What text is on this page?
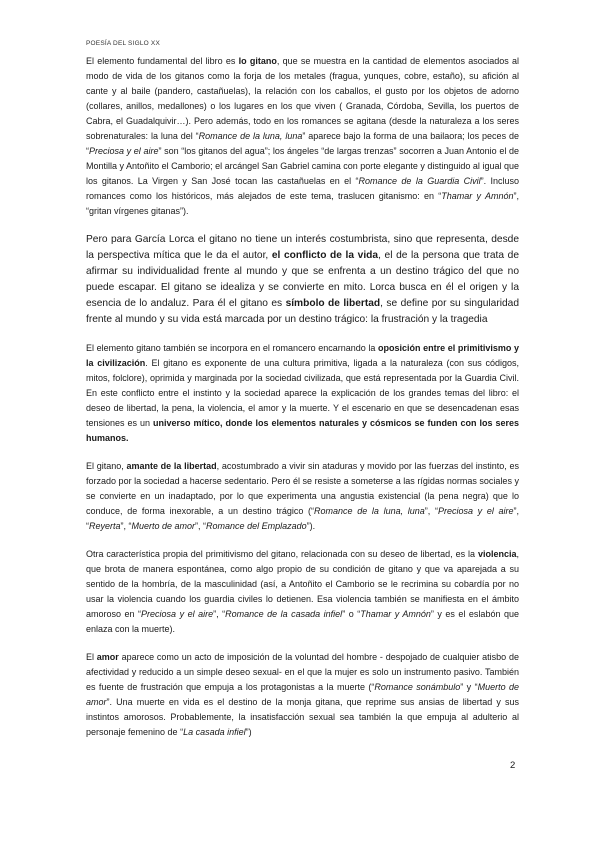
POESÍA DEL SIGLO XX

El elemento fundamental del libro es lo gitano, que se muestra en la cantidad de elementos asociados al modo de vida de los gitanos como la forja de los metales (fragua, yunques, cobre, estaño), su afición al cante y al baile (pandero, castañuelas), la relación con los caballos, el gusto por los objetos de adorno (collares, anillos, medallones) o los lugares en los que viven ( Granada, Córdoba, Sevilla, los puertos de Cabra, el Guadalquivir…). Pero además, todo en los romances se agitana (desde la naturaleza a los seres sobrenaturales: la luna del “Romance de la luna, luna” aparece bajo la forma de una bailaora; los peces de “Preciosa y el aire” son “los gitanos del agua”; los ángeles “de largas trenzas” socorren a Juan Antonio el de Montilla y Antoñito el Camborio; el arcángel San Gabriel camina con porte elegante y distinguido al igual que los gitanos. La Virgen y San José tocan las castañuelas en el “Romance de la Guardia Civil”. Incluso romances como los históricos, más alejados de este tema, traslucen gitanismo: en “Thamar y Amnón”, “gritan vírgenes gitanas”).

Pero para García Lorca el gitano no tiene un interés costumbrista, sino que representa, desde la perspectiva mítica que le da el autor, el conflicto de la vida, el de la persona que trata de afirmar su individualidad frente al mundo y que se enfrenta a un destino trágico del que no puede escapar. El gitano se idealiza y se convierte en mito. Lorca busca en él el origen y la esencia de lo andaluz. Para él el gitano es símbolo de libertad, se define por su singularidad frente al mundo y su vida está marcada por un destino trágico: la frustración y la tragedia

El elemento gitano también se incorpora en el romancero encarnando la oposición entre el primitivismo y la civilización. El gitano es exponente de una cultura primitiva, ligada a la naturaleza (con sus códigos, mitos, folclore), oprimida y marginada por la sociedad civilizada, que está representada por la Guardia Civil. En este conflicto entre el instinto y la sociedad aparece la explicación de los grandes temas del libro: el deseo de libertad, la pena, la violencia, el amor y la muerte. Y el escenario en que se desencadenan esas tensiones es un universo mítico, donde los elementos naturales y cósmicos se funden con los seres humanos.

El gitano, amante de la libertad, acostumbrado a vivir sin ataduras y movido por las fuerzas del instinto, es forzado por la sociedad a hacerse sedentario. Pero él se resiste a someterse a las rígidas normas sociales y se convierte en un inadaptado, por lo que experimenta una angustia existencial (la pena negra) que lo conduce, de forma inexorable, a un destino trágico (“Romance de la luna, luna”, “Preciosa y el aire”, “Reyerta”, “Muerto de amor”, “Romance del Emplazado”).

Otra característica propia del primitivismo del gitano, relacionada con su deseo de libertad, es la violencia, que brota de manera espontánea, como algo propio de su condición de gitano y que va aparejada a su sentido de la hombría, de la masculinidad (así, a Antoñito el Camborio se le recrimina su cobardía por no usar la violencia cuando los guardia civiles lo detienen. Esa violencia también se manifiesta en el ámbito amoroso en “Preciosa y el aire”, “Romance de la casada infiel” o “Thamar y Amnón” y es el eslabón que enlaza con la muerte).

El amor aparece como un acto de imposición de la voluntad del hombre - despojado de cualquier atisbo de afectividad y reducido a un simple deseo sexual- en el que la mujer es solo un instrumento pasivo. También es fuente de frustración que empuja a los protagonistas a la muerte (“Romance sonámbulo” y “Muerto de amor”. Una muerte en vida es el destino de la monja gitana, que reprime sus ansias de libertad y sus instintos amorosos. Probablemente, la insatisfacción sexual sea también la que empuja al adulterio al personaje femenino de “La casada infiel”)

2
